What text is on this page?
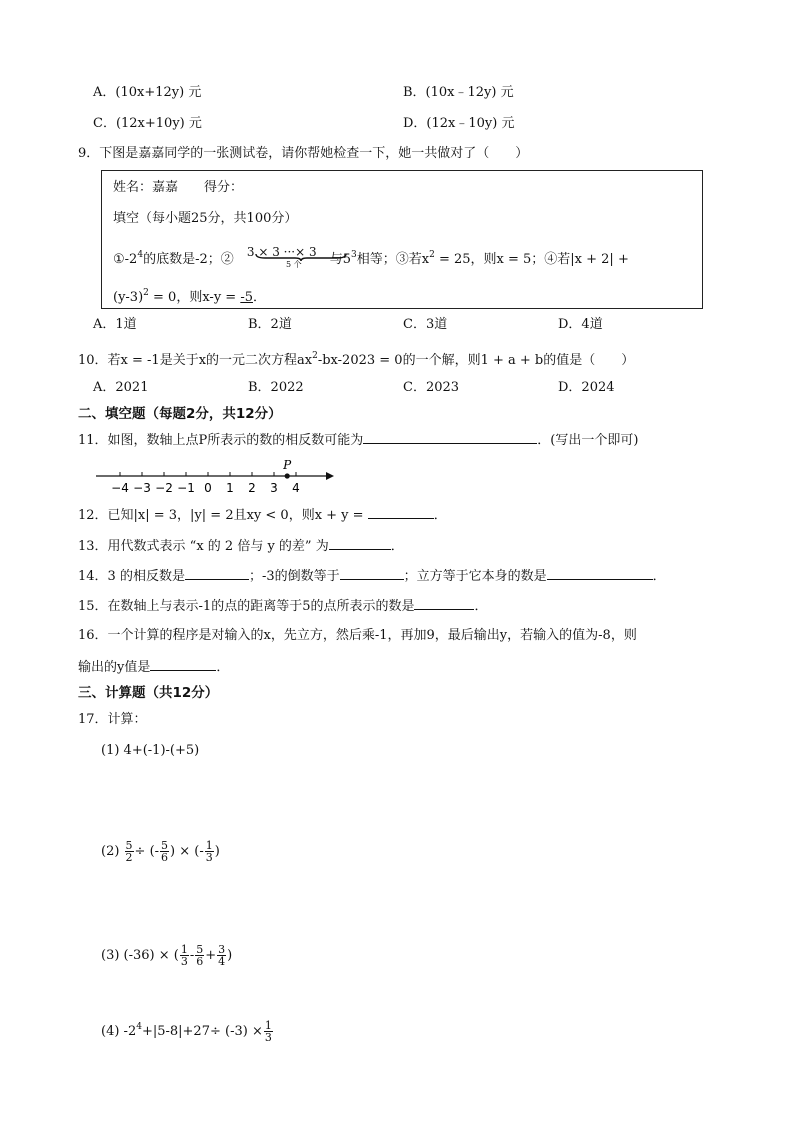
A．(10x+12y) 元	B．(10x﹣12y) 元
C．(12x+10y) 元	D．(12x﹣10y) 元
9．下图是嘉嘉同学的一张测试卷，请你帮她检查一下，她一共做对了（　　）
姓名：嘉嘉　　得分：
填空（每小题25分，共100分）
$①-2^4$的底数是-2；② 3 × 3 ···× 3 与$5^3$相等；③若$x^2 = 25$，则x = 5；④若|x + 2| +
5 个
$(y-3)^2 = 0$，则x-y = -5．
A．1道	B．2道	C．3道	D．4道
10．若x = -1是关于x的一元二次方程$ax^2-bx-2023 = 0$的一个解，则1 + a + b的值是（　　）
A．2021	B．2022	C．2023	D．2024
二、填空题（每题2分，共12分）
11．如图，数轴上点P所表示的数的相反数可能为	．(写出一个即可)
−4 −3 −2 −1 0 1 2 3 4
P
12．已知|x| = 3，|y| = 2且xy < 0，则x + y =	．
13．用代数式表示 “x 的 2 倍与 y 的差” 为	．
14．3 的相反数是	；-3的倒数等于	；立方等于它本身的数是	．
15．在数轴上与表示-1的点的距离等于5的点所表示的数是	．
16．一个计算的程序是对输入的x，先立方，然后乘-1，再加9，最后输出y，若输入的值为-8，则
输出的y值是	．
三、计算题（共12分）
17．计算：
(1) 4+(-1)-(+5)
$(2) \frac{5}{2}$ ÷ (- $\frac{5}{6}$ ) × (- $\frac{1}{3}$ )
(3) (-36) × ( $\frac{1}{3} - \frac{5}{6} + \frac{3}{4}$ )
(4) $-2^4+|5-8|+27\div (-3) \times \frac{1}{3}$
